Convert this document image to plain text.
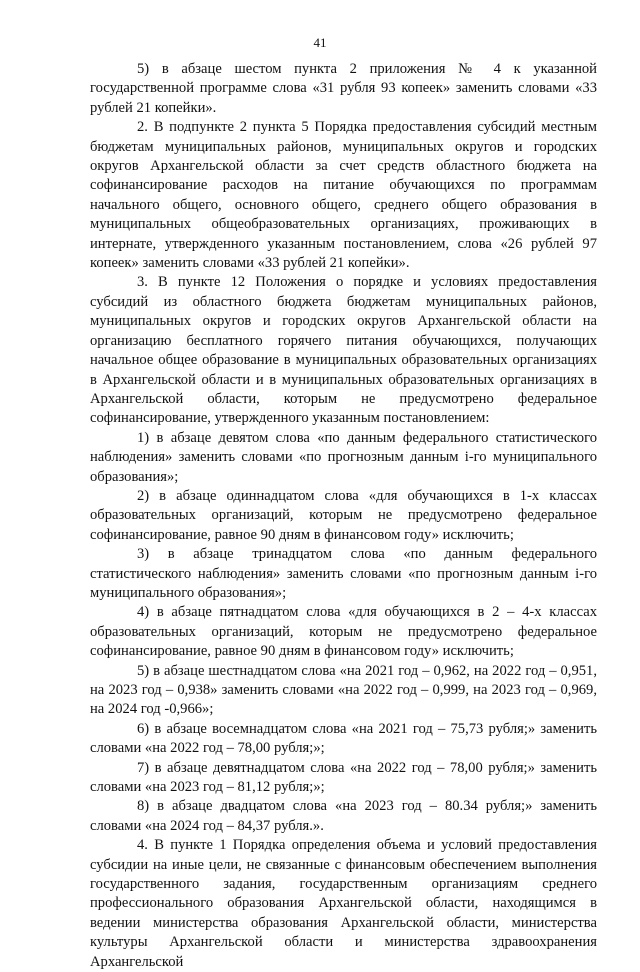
41

5) в абзаце шестом пункта 2 приложения № 4 к указанной государственной программе слова «31 рубля 93 копеек» заменить словами «33 рублей 21 копейки».

2. В подпункте 2 пункта 5 Порядка предоставления субсидий местным бюджетам муниципальных районов, муниципальных округов и городских округов Архангельской области за счет средств областного бюджета на софинансирование расходов на питание обучающихся по программам начального общего, основного общего, среднего общего образования в муниципальных общеобразовательных организациях, проживающих в интернате, утвержденного указанным постановлением, слова «26 рублей 97 копеек» заменить словами «33 рублей 21 копейки».

3. В пункте 12 Положения о порядке и условиях предоставления субсидий из областного бюджета бюджетам муниципальных районов, муниципальных округов и городских округов Архангельской области на организацию бесплатного горячего питания обучающихся, получающих начальное общее образование в муниципальных образовательных организациях в Архангельской области и в муниципальных образовательных организациях в Архангельской области, которым не предусмотрено федеральное софинансирование, утвержденного указанным постановлением:

1) в абзаце девятом слова «по данным федерального статистического наблюдения» заменить словами «по прогнозным данным i-го муниципального образования»;

2) в абзаце одиннадцатом слова «для обучающихся в 1-х классах образовательных организаций, которым не предусмотрено федеральное софинансирование, равное 90 дням в финансовом году» исключить;

3) в абзаце тринадцатом слова «по данным федерального статистического наблюдения» заменить словами «по прогнозным данным i-го муниципального образования»;

4) в абзаце пятнадцатом слова «для обучающихся в 2 – 4-х классах образовательных организаций, которым не предусмотрено федеральное софинансирование, равное 90 дням в финансовом году» исключить;

5) в абзаце шестнадцатом слова «на 2021 год – 0,962, на 2022 год – 0,951, на 2023 год – 0,938» заменить словами «на 2022 год – 0,999, на 2023 год – 0,969, на 2024 год -0,966»;

6) в абзаце восемнадцатом слова «на 2021 год – 75,73 рубля;» заменить словами «на 2022 год – 78,00 рубля;»;

7) в абзаце девятнадцатом слова «на 2022 год – 78,00 рубля;» заменить словами «на 2023 год – 81,12 рубля;»;

8) в абзаце двадцатом слова «на 2023 год – 80.34 рубля;» заменить словами «на 2024 год – 84,37 рубля.».

4. В пункте 1 Порядка определения объема и условий предоставления субсидии на иные цели, не связанные с финансовым обеспечением выполнения государственного задания, государственным организациям среднего профессионального образования Архангельской области, находящимся в ведении министерства образования Архангельской области, министерства культуры Архангельской области и министерства здравоохранения Архангельской
